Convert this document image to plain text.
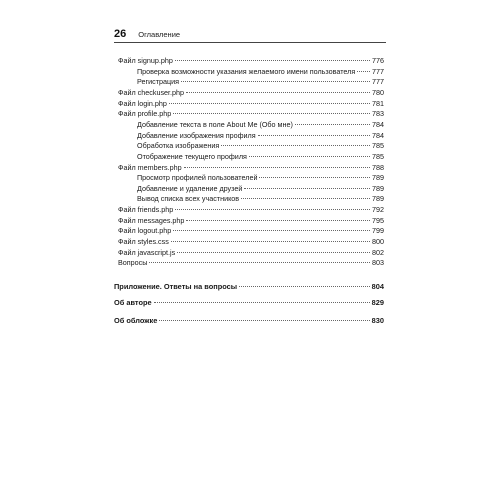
26 Оглавление
Файл signup.php	776
Проверка возможности указания желаемого имени пользователя 777
Регистрация	777
Файл checkuser.php	780
Файл login.php	781
Файл profile.php	783
Добавление текста в поле About Me (Обо мне)	784
Добавление изображения профиля	784
Обработка изображения	785
Отображение текущего профиля	785
Файл members.php	788
Просмотр профилей пользователей	789
Добавление и удаление друзей	789
Вывод списка всех участников	789
Файл friends.php	792
Файл messages.php	795
Файл logout.php	799
Файл styles.css	800
Файл javascript.js	802
Вопросы	803
Приложение. Ответы на вопросы	804
Об авторе	829
Об обложке	830
